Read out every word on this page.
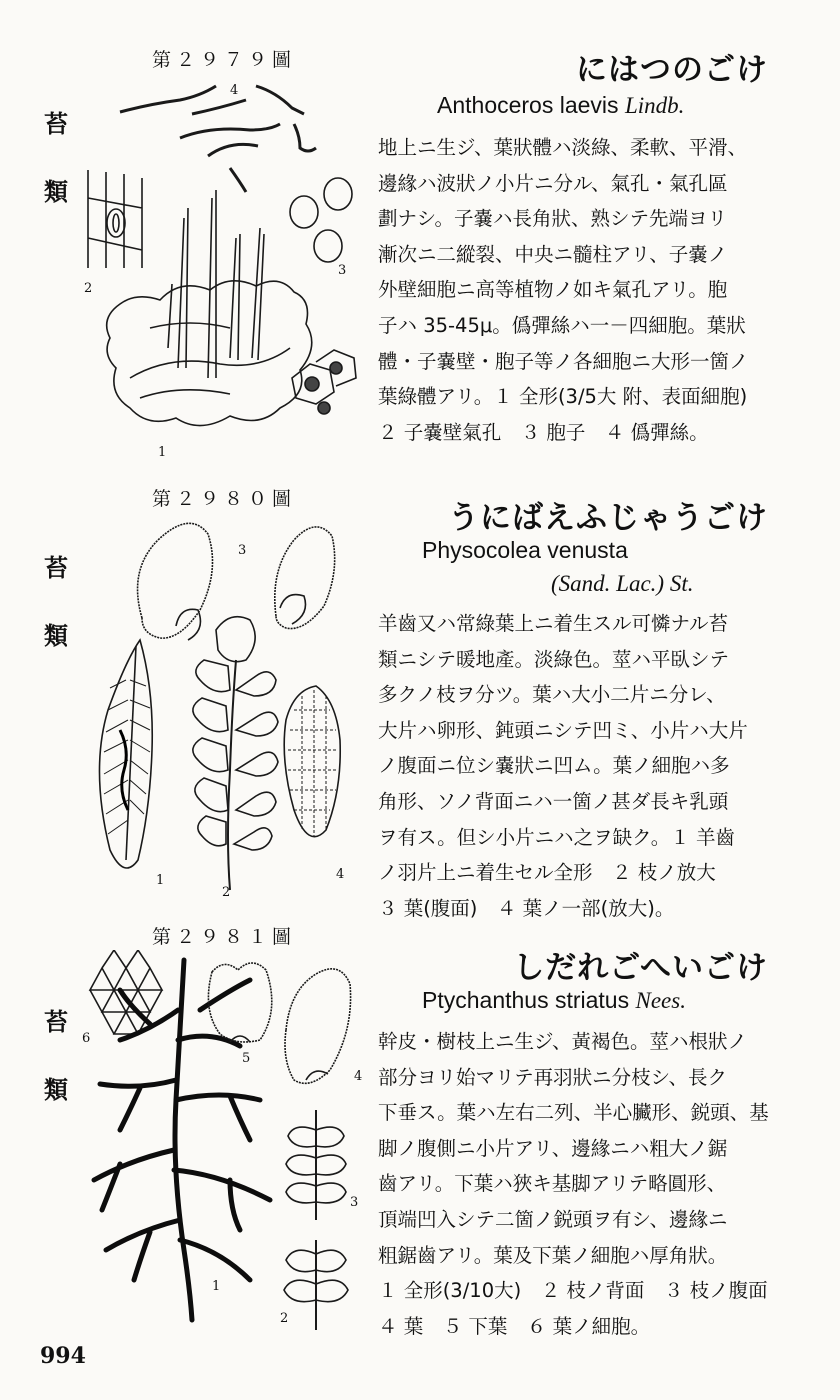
第２９７９圖
苔
類
4
3
2
1
にはつのごけ
Anthoceros laevis Lindb.

地上ニ生ジ、葉狀體ハ淡綠、柔軟、平滑、
邊緣ハ波狀ノ小片ニ分ル、氣孔・氣孔區
劃ナシ。子嚢ハ長角狀、熟シテ先端ヨリ
漸次ニ二縱裂、中央ニ髓柱アリ、子嚢ノ
外壁細胞ニ高等植物ノ如キ氣孔アリ。胞
子ハ 35-45μ。僞彈絲ハ一－四細胞。葉狀
體・子嚢壁・胞子等ノ各細胞ニ大形一箇ノ
葉綠體アリ。１ 全形(3/5大 附、表面細胞)
２ 子嚢壁氣孔　３ 胞子　４ 僞彈絲。

第２９８０圖
苔
類
3
1
2
4
うにばえふじゃうごけ
Physocolea venusta
(Sand. Lac.) St.

羊齒又ハ常綠葉上ニ着生スル可憐ナル苔
類ニシテ暖地產。淡綠色。莖ハ平臥シテ
多クノ枝ヲ分ツ。葉ハ大小二片ニ分レ、
大片ハ卵形、鈍頭ニシテ凹ミ、小片ハ大片
ノ腹面ニ位シ嚢狀ニ凹ム。葉ノ細胞ハ多
角形、ソノ背面ニハ一箇ノ甚ダ長キ乳頭
ヲ有ス。但シ小片ニハ之ヲ缺ク。１ 羊齒
ノ羽片上ニ着生セル全形　２ 枝ノ放大
３ 葉(腹面)　４ 葉ノ一部(放大)。

第２９８１圖
苔
類
6
5
4
3
1
2
しだれごへいごけ
Ptychanthus striatus Nees.

幹皮・樹枝上ニ生ジ、黃褐色。莖ハ根狀ノ
部分ヨリ始マリテ再羽狀ニ分枝シ、長ク
下垂ス。葉ハ左右二列、半心臟形、鋭頭、基
脚ノ腹側ニ小片アリ、邊緣ニハ粗大ノ鋸
齒アリ。下葉ハ狹キ基脚アリテ略圓形、
頂端凹入シテ二箇ノ鋭頭ヲ有シ、邊緣ニ
粗鋸齒アリ。葉及下葉ノ細胞ハ厚角狀。
１ 全形(3/10大)　２ 枝ノ背面　３ 枝ノ腹面
４ 葉　５ 下葉　６ 葉ノ細胞。

994
